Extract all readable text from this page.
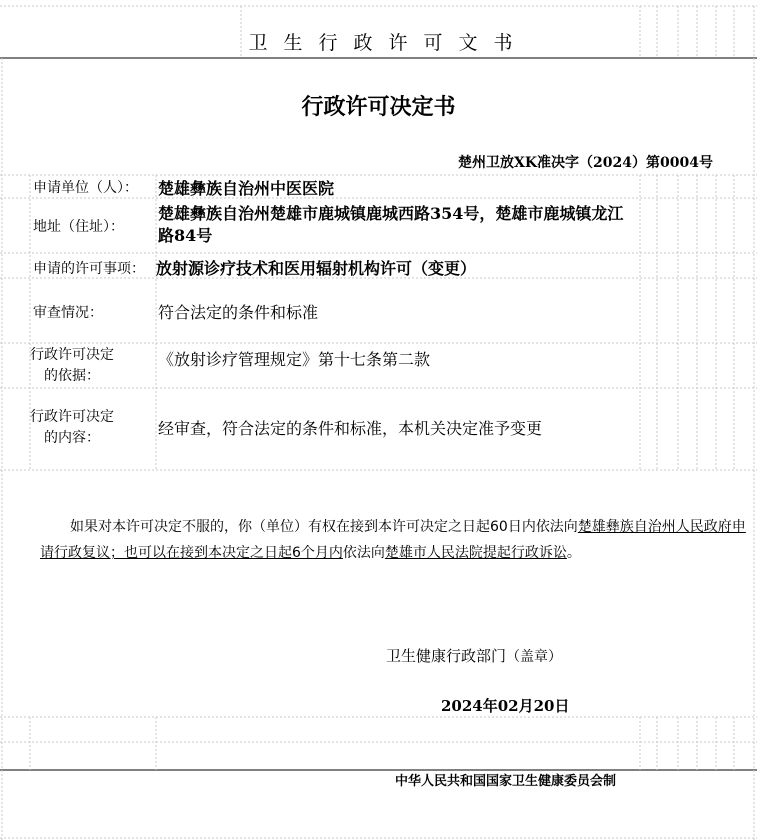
卫生行政许可文书
行政许可决定书
楚州卫放XK准决字（2024）第0004号
申请单位（人）： 楚雄彝族自治州中医医院
地址（住址）：
楚雄彝族自治州楚雄市鹿城镇鹿城西路354号，楚雄市鹿城镇龙江路84号
申请的许可事项： 放射源诊疗技术和医用辐射机构许可（变更）
审查情况：	符合法定的条件和标准
行政许可决定的依据：
《放射诊疗管理规定》第十七条第二款
行政许可决定的内容：	经审查，符合法定的条件和标准，本机关决定准予变更
如果对本许可决定不服的，你（单位）有权在接到本许可决定之日起60日内依法向楚雄彝族自治州人民政府申请行政复议；也可以在接到本决定之日起6个月内依法向楚雄市人民法院提起行政诉讼。
卫生健康行政部门（盖章）
2024年02月20日
中华人民共和国国家卫生健康委员会制
